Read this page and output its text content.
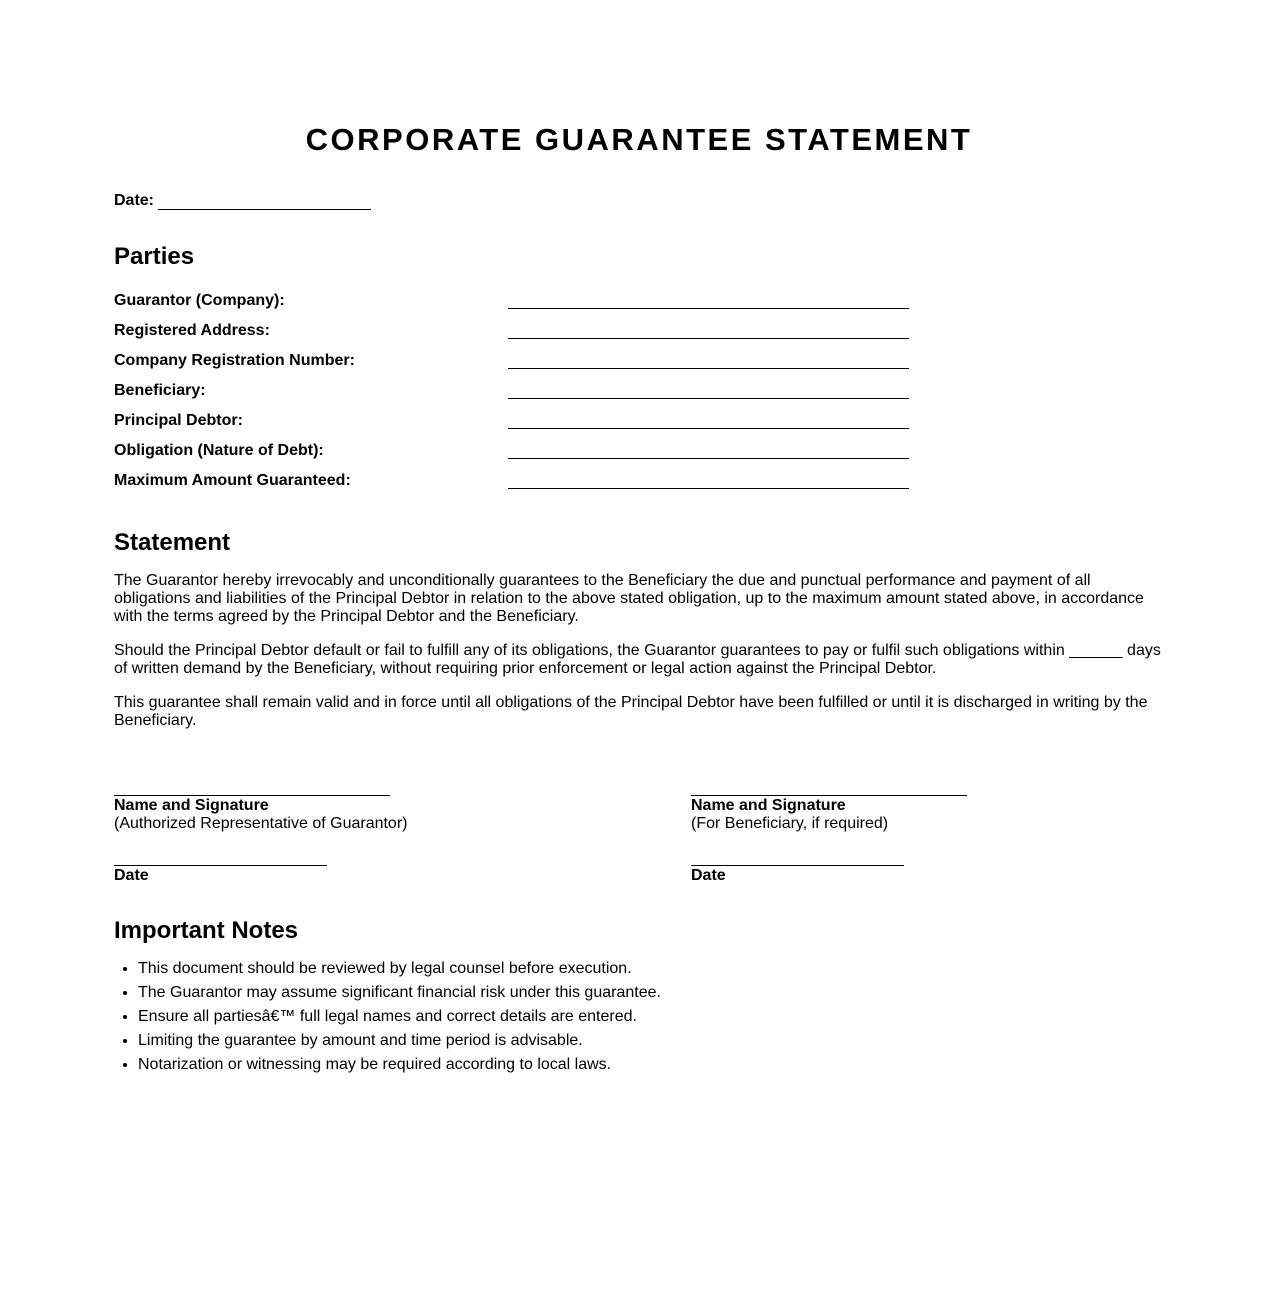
CORPORATE GUARANTEE STATEMENT
Date:
Parties
Guarantor (Company):
Registered Address:
Company Registration Number:
Beneficiary:
Principal Debtor:
Obligation (Nature of Debt):
Maximum Amount Guaranteed:
Statement

The Guarantor hereby irrevocably and unconditionally guarantees to the Beneficiary the due and punctual performance and payment of all obligations and liabilities of the Principal Debtor in relation to the above stated obligation, up to the maximum amount stated above, in accordance with the terms agreed by the Principal Debtor and the Beneficiary.

Should the Principal Debtor default or fail to fulfill any of its obligations, the Guarantor guarantees to pay or fulfil such obligations within ______ days of written demand by the Beneficiary, without requiring prior enforcement or legal action against the Principal Debtor.

This guarantee shall remain valid and in force until all obligations of the Principal Debtor have been fulfilled or until it is discharged in writing by the Beneficiary.

Name and Signature
(Authorized Representative of Guarantor)
Date
Name and Signature
(For Beneficiary, if required)
Date
Important Notes
• This document should be reviewed by legal counsel before execution.
• The Guarantor may assume significant financial risk under this guarantee.
• Ensure all partiesâ€™ full legal names and correct details are entered.
• Limiting the guarantee by amount and time period is advisable.
• Notarization or witnessing may be required according to local laws.
